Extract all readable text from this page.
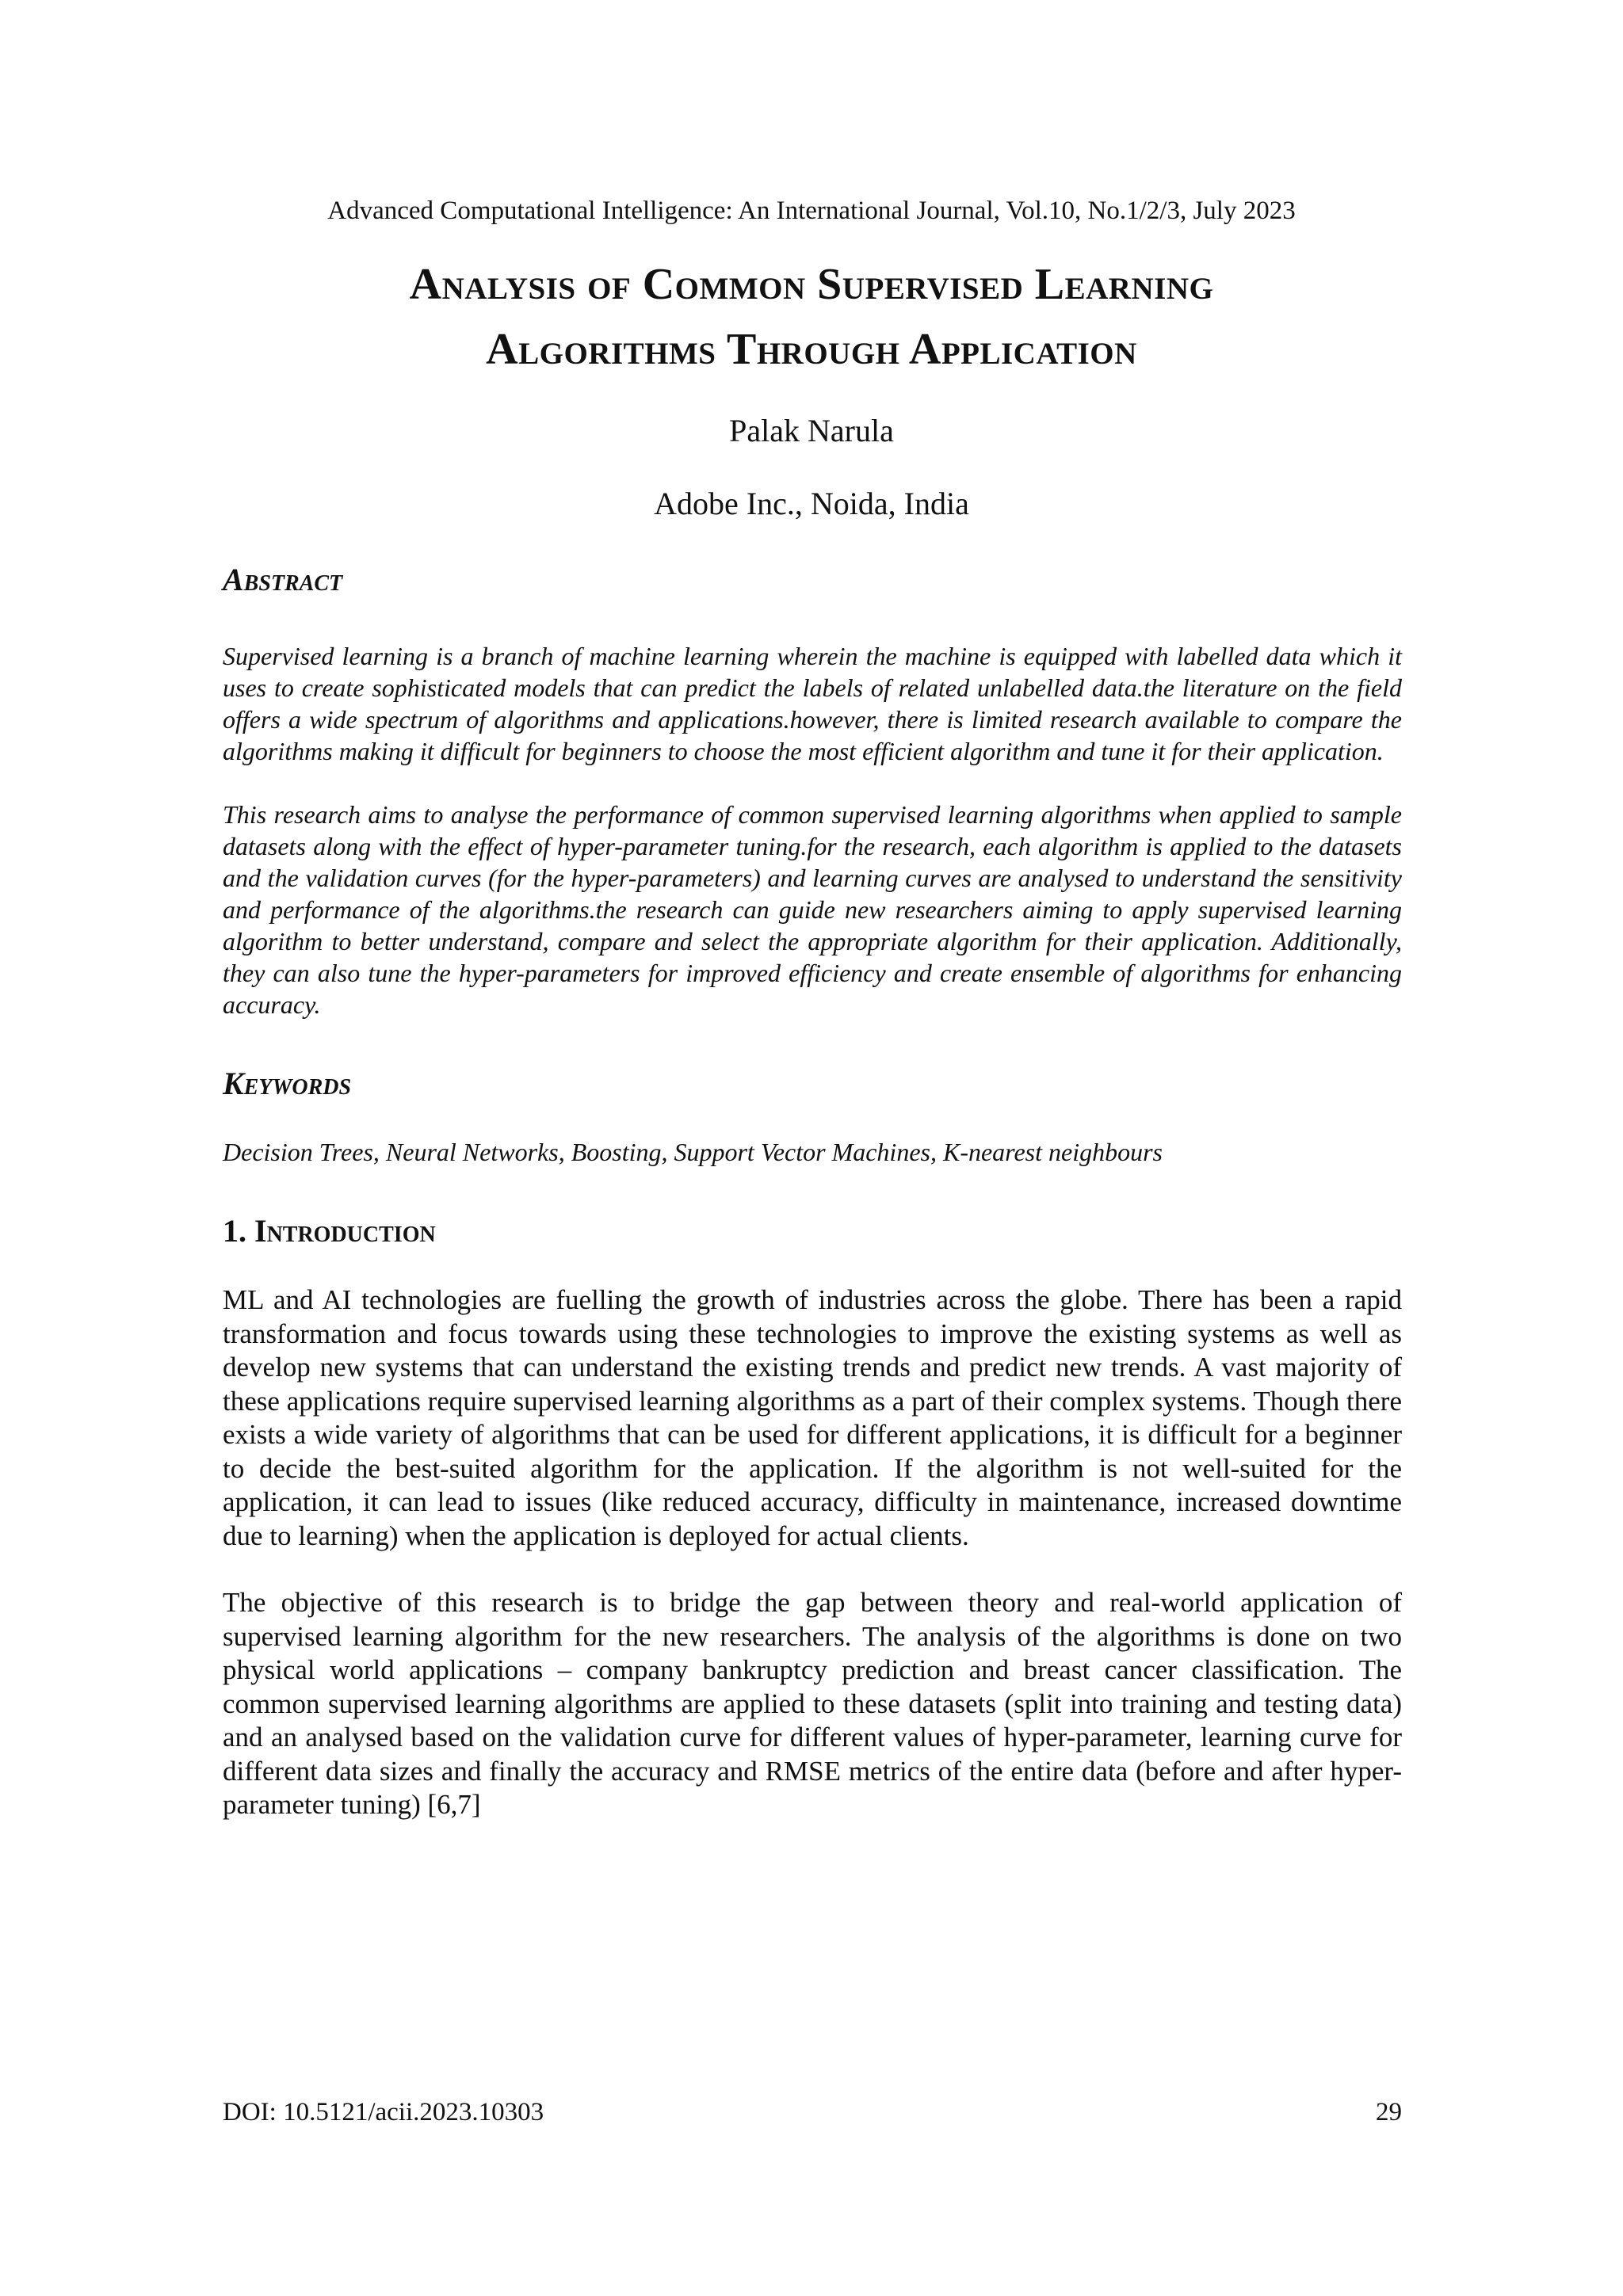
Advanced Computational Intelligence: An International Journal, Vol.10, No.1/2/3, July 2023
Analysis of Common Supervised Learning
Algorithms Through Application
Palak Narula
Adobe Inc., Noida, India
Abstract

Supervised learning is a branch of machine learning wherein the machine is equipped with labelled data which it uses to create sophisticated models that can predict the labels of related unlabelled data.the literature on the field offers a wide spectrum of algorithms and applications.however, there is limited research available to compare the algorithms making it difficult for beginners to choose the most efficient algorithm and tune it for their application.

This research aims to analyse the performance of common supervised learning algorithms when applied to sample datasets along with the effect of hyper-parameter tuning.for the research, each algorithm is applied to the datasets and the validation curves (for the hyper-parameters) and learning curves are analysed to understand the sensitivity and performance of the algorithms.the research can guide new researchers aiming to apply supervised learning algorithm to better understand, compare and select the appropriate algorithm for their application. Additionally, they can also tune the hyper-parameters for improved efficiency and create ensemble of algorithms for enhancing accuracy.

Keywords

Decision Trees, Neural Networks, Boosting, Support Vector Machines, K-nearest neighbours

1. Introduction

ML and AI technologies are fuelling the growth of industries across the globe. There has been a rapid transformation and focus towards using these technologies to improve the existing systems as well as develop new systems that can understand the existing trends and predict new trends. A vast majority of these applications require supervised learning algorithms as a part of their complex systems. Though there exists a wide variety of algorithms that can be used for different applications, it is difficult for a beginner to decide the best-suited algorithm for the application. If the algorithm is not well-suited for the application, it can lead to issues (like reduced accuracy, difficulty in maintenance, increased downtime due to learning) when the application is deployed for actual clients.

The objective of this research is to bridge the gap between theory and real-world application of supervised learning algorithm for the new researchers. The analysis of the algorithms is done on two physical world applications – company bankruptcy prediction and breast cancer classification. The common supervised learning algorithms are applied to these datasets (split into training and testing data) and an analysed based on the validation curve for different values of hyper-parameter, learning curve for different data sizes and finally the accuracy and RMSE metrics of the entire data (before and after hyper-parameter tuning) [6,7]

DOI: 10.5121/acii.2023.10303	29
